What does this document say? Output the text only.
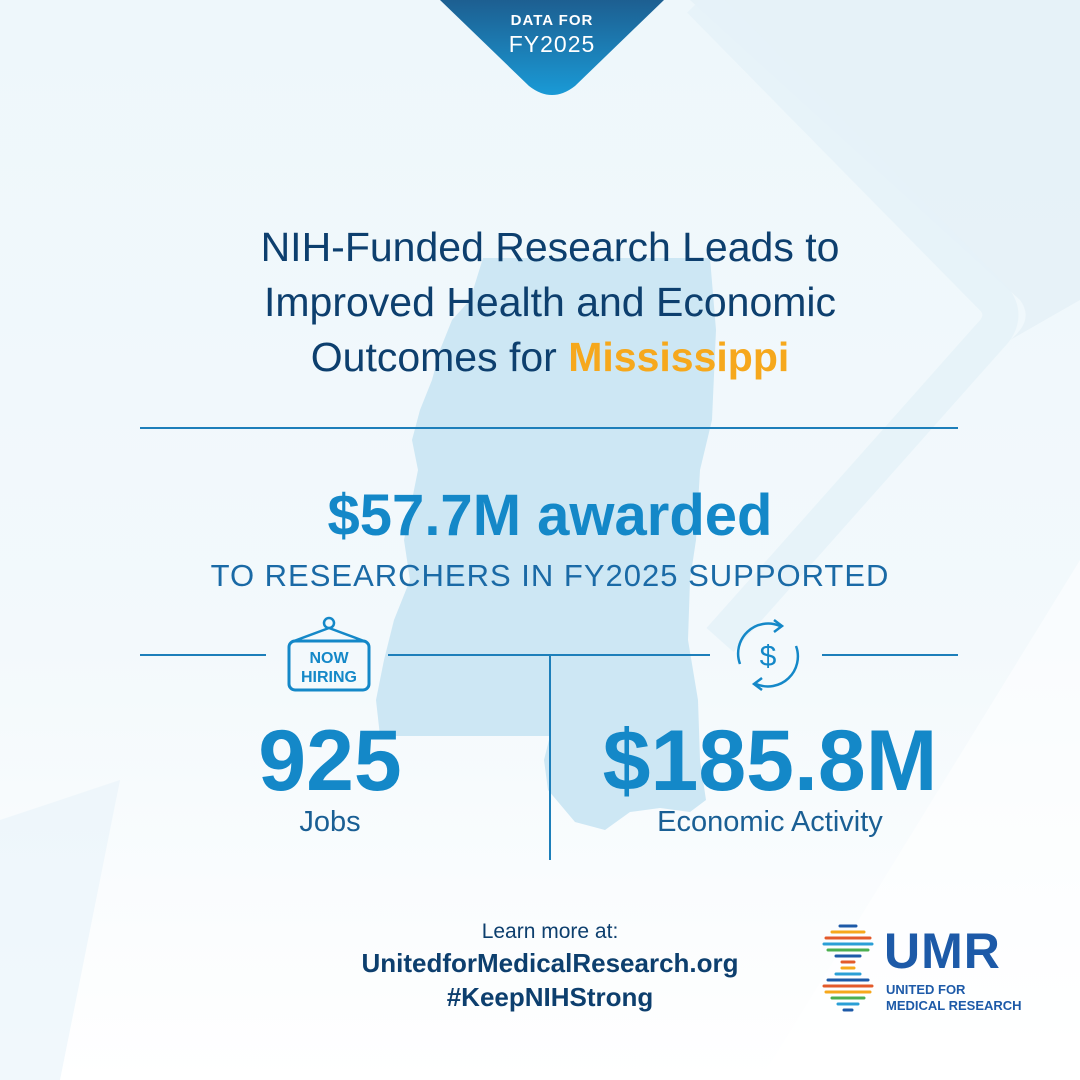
DATA FOR
FY2025
NIH-Funded Research Leads to
Improved Health and Economic
Outcomes for Mississippi
$57.7M awarded
TO RESEARCHERS IN FY2025 SUPPORTED
NOW
HIRING
$
925
Jobs
$185.8M
Economic Activity
Learn more at:
UnitedforMedicalResearch.org
#KeepNIHStrong
UMR
UNITED FOR
MEDICAL RESEARCH
